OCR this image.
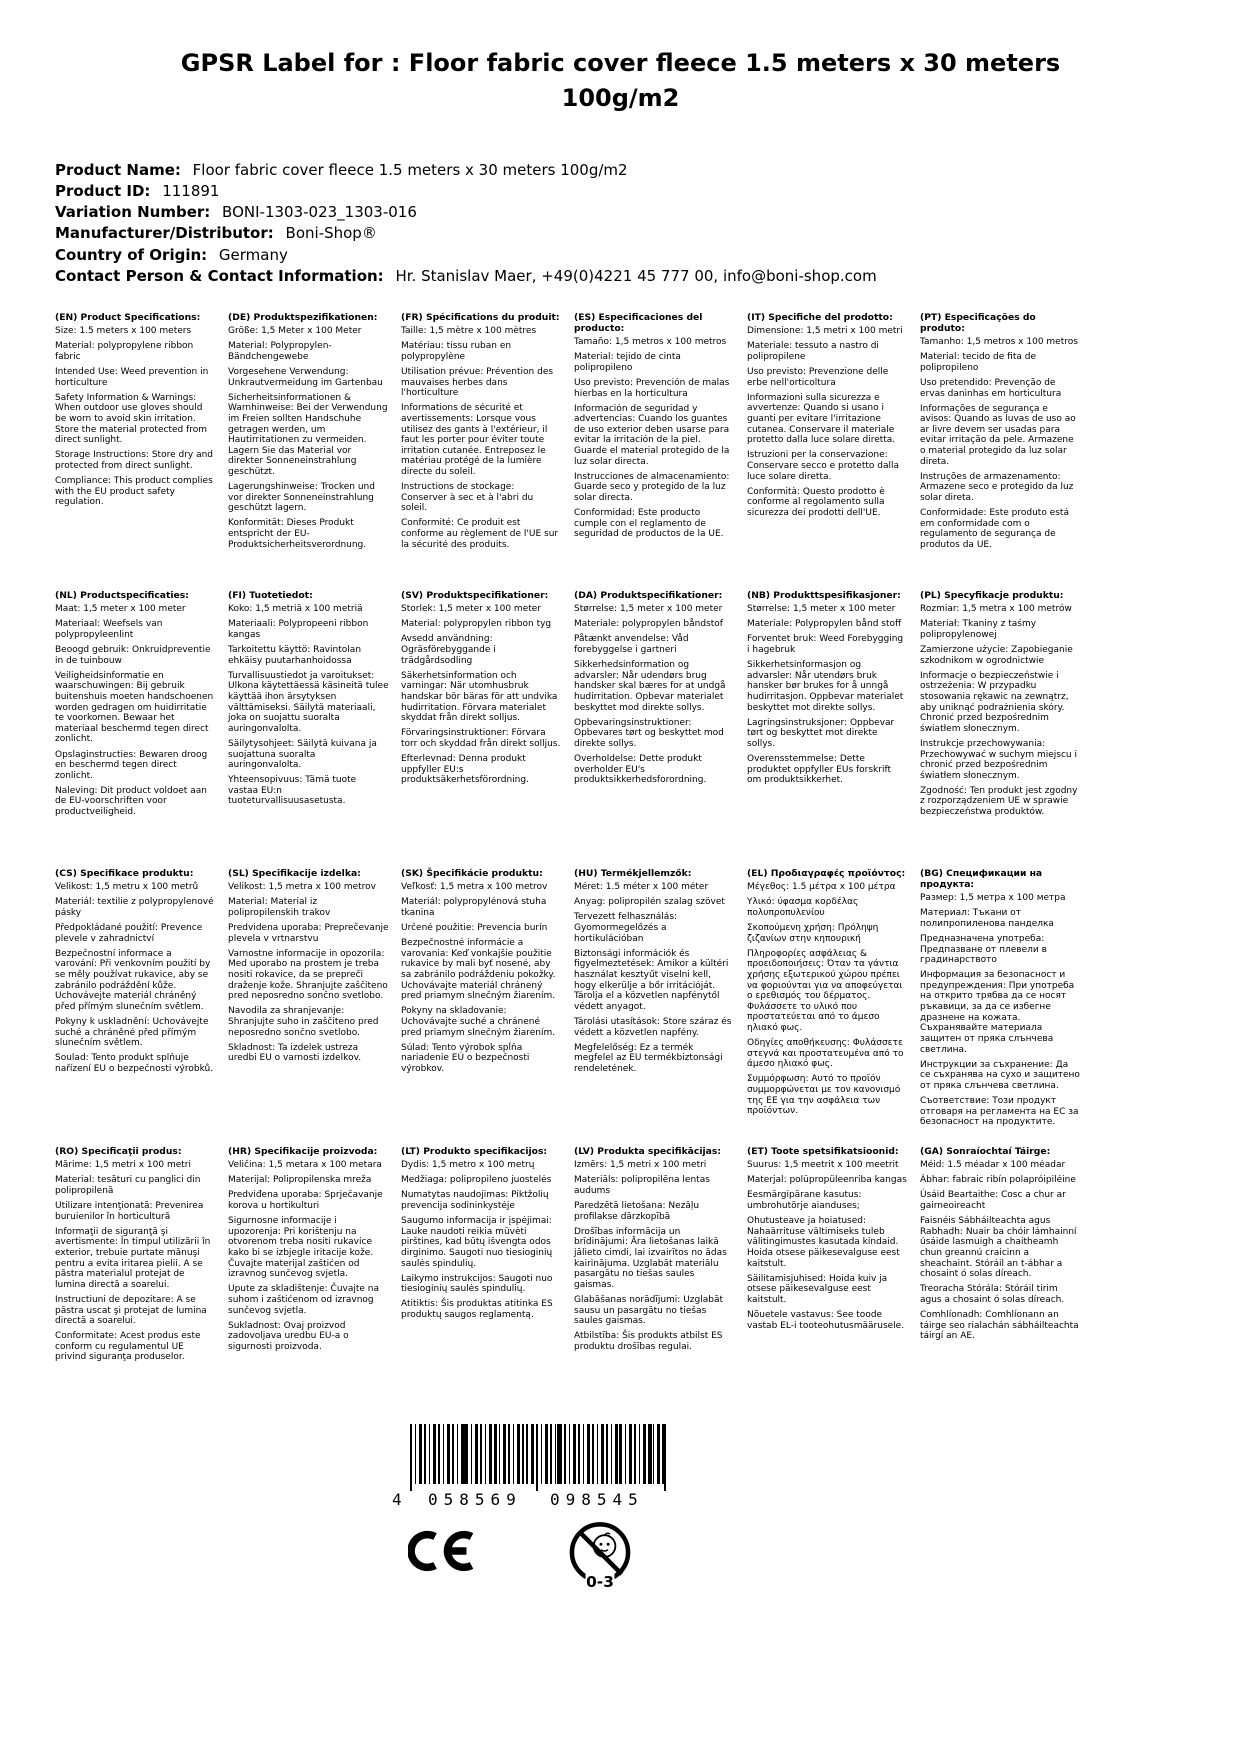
GPSR Label for : Floor fabric cover fleece 1.5 meters x 30 meters 100g/m2
Product Name: Floor fabric cover fleece 1.5 meters x 30 meters 100g/m2
Product ID: 111891
Variation Number: BONI-1303-023_1303-016
Manufacturer/Distributor: Boni-Shop®
Country of Origin: Germany
Contact Person & Contact Information: Hr. Stanislav Maer, +49(0)4221 45 777 00, info@boni-shop.com
(EN) Product Specifications:
Size: 1.5 meters x 100 meters
Material: polypropylene ribbon fabric
Intended Use: Weed prevention in horticulture
Safety Information & Warnings: When outdoor use gloves should be worn to avoid skin irritation. Store the material protected from direct sunlight.
Storage Instructions: Store dry and protected from direct sunlight.
Compliance: This product complies with the EU product safety regulation.
(DE) Produktspezifikationen:
Größe: 1,5 Meter x 100 Meter
Material: Polypropylen-Bändchengewebe
Vorgesehene Verwendung: Unkrautvermeidung im Gartenbau
Sicherheitsinformationen & Warnhinweise: Bei der Verwendung im Freien sollten Handschuhe getragen werden, um Hautirritationen zu vermeiden. Lagern Sie das Material vor direkter Sonneneinstrahlung geschützt.
Lagerungshinweise: Trocken und vor direkter Sonneneinstrahlung geschützt lagern.
Konformität: Dieses Produkt entspricht der EU-Produktsicherheitsverordnung.
(FR) Spécifications du produit:
Taille: 1,5 mètre x 100 mètres
Matériau: tissu ruban en polypropylène
Utilisation prévue: Prévention des mauvaises herbes dans l'horticulture
Informations de sécurité et avertissements: Lorsque vous utilisez des gants à l'extérieur, il faut les porter pour éviter toute irritation cutanée. Entreposez le matériau protégé de la lumière directe du soleil.
Instructions de stockage: Conserver à sec et à l'abri du soleil.
Conformité: Ce produit est conforme au règlement de l'UE sur la sécurité des produits.
(ES) Especificaciones del producto:
Tamaño: 1,5 metros x 100 metros
Material: tejido de cinta polipropileno
Uso previsto: Prevención de malas hierbas en la horticultura
Información de seguridad y advertencias: Cuando los guantes de uso exterior deben usarse para evitar la irritación de la piel. Guarde el material protegido de la luz solar directa.
Instrucciones de almacenamiento: Guarde seco y protegido de la luz solar directa.
Conformidad: Este producto cumple con el reglamento de seguridad de productos de la UE.
(IT) Specifiche del prodotto:
Dimensione: 1,5 metri x 100 metri
Materiale: tessuto a nastro di polipropilene
Uso previsto: Prevenzione delle erbe nell'orticoltura
Informazioni sulla sicurezza e avvertenze: Quando si usano i guanti per evitare l'irritazione cutanea. Conservare il materiale protetto dalla luce solare diretta.
Istruzioni per la conservazione: Conservare secco e protetto dalla luce solare diretta.
Conformità: Questo prodotto è conforme al regolamento sulla sicurezza dei prodotti dell'UE.
(PT) Especificações do produto:
Tamanho: 1,5 metros x 100 metros
Material: tecido de fita de polipropileno
Uso pretendido: Prevenção de ervas daninhas em horticultura
Informações de segurança e avisos: Quando as luvas de uso ao ar livre devem ser usadas para evitar irritação da pele. Armazene o material protegido da luz solar direta.
Instruções de armazenamento: Armazene seco e protegido da luz solar direta.
Conformidade: Este produto está em conformidade com o regulamento de segurança de produtos da UE.
(NL) Productspecificaties:
Maat: 1,5 meter x 100 meter
Materiaal: Weefsels van polypropyleenlint
Beoogd gebruik: Onkruidpreventie in de tuinbouw
Veiligheidsinformatie en waarschuwingen: Bij gebruik buitenshuis moeten handschoenen worden gedragen om huidirritatie te voorkomen. Bewaar het materiaal beschermd tegen direct zonlicht.
Opslaginstructies: Bewaren droog en beschermd tegen direct zonlicht.
Naleving: Dit product voldoet aan de EU-voorschriften voor productveiligheid.
(FI) Tuotetiedot:
Koko: 1,5 metriä x 100 metriä
Materiaali: Polypropeeni ribbon kangas
Tarkoitettu käyttö: Ravintolan ehkäisy puutarhanhoidossa
Turvallisuustiedot ja varoitukset: Ulkona käytettäessä käsineitä tulee käyttää ihon ärsytyksen välttämiseksi. Säilytä materiaali, joka on suojattu suoralta auringonvalolta.
Säilytysohjeet: Säilytä kuivana ja suojattuna suoralta auringonvalolta.
Yhteensopivuus: Tämä tuote vastaa EU:n tuoteturvallisuusasetusta.
(SV) Produktspecifikationer:
Storlek: 1,5 meter x 100 meter
Material: polypropylen ribbon tyg
Avsedd användning: Ogräsförebyggande i trädgårdsodling
Säkerhetsinformation och varningar: När utomhusbruk handskar bör bäras för att undvika hudirritation. Förvara materialet skyddat från direkt solljus.
Förvaringsinstruktioner: Förvara torr och skyddad från direkt solljus.
Efterlevnad: Denna produkt uppfyller EU:s produktsäkerhetsförordning.
(DA) Produktspecifikationer:
Størrelse: 1,5 meter x 100 meter
Materiale: polypropylen båndstof
Påtænkt anvendelse: Våd forebyggelse i gartneri
Sikkerhedsinformation og advarsler: Når udendørs brug handsker skal bæres for at undgå hudirritation. Opbevar materialet beskyttet mod direkte sollys.
Opbevaringsinstruktioner: Opbevares tørt og beskyttet mod direkte sollys.
Overholdelse: Dette produkt overholder EU's produktsikkerhedsforordning.
(NB) Produkttspesifikasjoner:
Størrelse: 1,5 meter x 100 meter
Materiale: Polypropylen bånd stoff
Forventet bruk: Weed Forebygging i hagebruk
Sikkerhetsinformasjon og advarsler: Når utendørs bruk hansker bør brukes for å unngå hudirritasjon. Oppbevar materialet beskyttet mot direkte sollys.
Lagringsinstruksjoner: Oppbevar tørt og beskyttet mot direkte sollys.
Overensstemmelse: Dette produktet oppfyller EUs forskrift om produktsikkerhet.
(PL) Specyfikacje produktu:
Rozmiar: 1,5 metra x 100 metrów
Materiał: Tkaniny z taśmy polipropylenowej
Zamierzone użycie: Zapobieganie szkodnikom w ogrodnictwie
Informacje o bezpieczeństwie i ostrzeżenia: W przypadku stosowania rękawic na zewnątrz, aby uniknąć podrażnienia skóry. Chronić przed bezpośrednim światłem słonecznym.
Instrukcje przechowywania: Przechowywać w suchym miejscu i chronić przed bezpośrednim światłem słonecznym.
Zgodność: Ten produkt jest zgodny z rozporządzeniem UE w sprawie bezpieczeństwa produktów.
(CS) Specifikace produktu:
Velikost: 1,5 metru x 100 metrů
Materiál: textilie z polypropylenové pásky
Předpokládané použití: Prevence plevele v zahradnictví
Bezpečnostní informace a varování: Při venkovním použití by se měly používat rukavice, aby se zabránilo podráždění kůže. Uchovávejte materiál chráněný před přímým slunečním světlem.
Pokyny k uskladnění: Uchovávejte suché a chráněné před přímým slunečním světlem.
Soulad: Tento produkt splňuje nařízení EU o bezpečnosti výrobků.
(SL) Specifikacije izdelka:
Velikost: 1,5 metra x 100 metrov
Material: Material iz polipropilenskih trakov
Predvidena uporaba: Preprečevanje plevela v vrtnarstvu
Varnostne informacije in opozorila: Med uporabo na prostem je treba nositi rokavice, da se prepreči draženje kože. Shranjujte zaščiteno pred neposredno sončno svetlobo.
Navodila za shranjevanje: Shranjujte suho in zaščiteno pred neposredno sončno svetlobo.
Skladnost: Ta izdelek ustreza uredbi EU o varnosti izdelkov.
(SK) Špecifikácie produktu:
Veľkosť: 1,5 metra x 100 metrov
Materiál: polypropylénová stuha tkanina
Určené použitie: Prevencia burín
Bezpečnostné informácie a varovania: Keď vonkajšie použitie rukavice by mali byť nosené, aby sa zabránilo podráždeniu pokožky. Uchovávajte materiál chránený pred priamym slnečným žiarením.
Pokyny na skladovanie: Uchovávajte suché a chránené pred priamym slnečným žiarením.
Súlad: Tento výrobok spĺňa nariadenie EÚ o bezpečnosti výrobkov.
(HU) Termékjellemzők:
Méret: 1.5 méter x 100 méter
Anyag: polipropilén szalag szövet
Tervezett felhasználás: Gyomormegelőzés a hortikulációban
Biztonsági információk és figyelmeztetések: Amikor a kültéri használat kesztyűt viselni kell, hogy elkerülje a bőr irritációját. Tárolja el a közvetlen napfénytől védett anyagot.
Tárolási utasítások: Store száraz és védett a közvetlen napfény.
Megfelelőség: Ez a termék megfelel az EU termékbiztonsági rendeletének.
(EL) Προδιαγραφές προϊόντος:
Μέγεθος: 1.5 μέτρα x 100 μέτρα
Υλικό: ύφασμα κορδέλας πολυπροπυλενίου
Σκοπούμενη χρήση: Πρόληψη ζιζανίων στην κηπουρική
Πληροφορίες ασφάλειας & προειδοποιήσεις: Όταν τα γάντια χρήσης εξωτερικού χώρου πρέπει να φοριούνται για να αποφεύγεται ο ερεθισμός του δέρματος. Φυλάσσετε το υλικό που προστατεύεται από το άμεσο ηλιακό φως.
Οδηγίες αποθήκευσης: Φυλάσσετε στεγνά και προστατευμένα από το άμεσο ηλιακό φως.
Συμμόρφωση: Αυτό το προϊόν συμμορφώνεται με τον κανονισμό της ΕΕ για την ασφάλεια των προϊόντων.
(BG) Спецификации на продукта:
Размер: 1,5 метра x 100 метра
Материал: Тъкани от полипропиленова панделка
Предназначена употреба: Предпазване от плевели в градинарството
Информация за безопасност и предупреждения: При употреба на открито трябва да се носят ръкавици, за да се избегне дразнене на кожата. Съхранявайте материала защитен от пряка слънчева светлина.
Инструкции за съхранение: Да се съхранява на сухо и защитено от пряка слънчева светлина.
Съответствие: Този продукт отговаря на регламента на ЕС за безопасност на продуктите.
(RO) Specificaţii produs:
Mărime: 1,5 metri x 100 metri
Material: tesături cu panglici din polipropilenă
Utilizare intenţionată: Prevenirea buruienilor în horticultură
Informaţii de siguranţă şi avertismente: În timpul utilizării în exterior, trebuie purtate mănuşi pentru a evita iritarea pielii. A se păstra materialul protejat de lumina directă a soarelui.
Instructiuni de depozitare: A se păstra uscat şi protejat de lumina directă a soarelui.
Conformitate: Acest produs este conform cu regulamentul UE privind siguranţa produselor.
(HR) Specifikacije proizvoda:
Veličina: 1,5 metara x 100 metara
Materijal: Polipropilenska mreža
Predviđena uporaba: Sprječavanje korova u hortikulturi
Sigurnosne informacije i upozorenja: Pri korištenju na otvorenom treba nositi rukavice kako bi se izbjegle iritacije kože. Čuvajte materijal zaštićen od izravnog sunčevog svjetla.
Upute za skladištenje: Čuvajte na suhom i zaštićenom od izravnog sunčevog svjetla.
Sukladnost: Ovaj proizvod zadovoljava uredbu EU-a o sigurnosti proizvoda.
(LT) Produkto specifikacijos:
Dydis: 1,5 metro x 100 metrų
Medžiaga: polipropileno juostelės
Numatytas naudojimas: Piktžolių prevencija sodininkystėje
Saugumo informacija ir įspėjimai: Lauke naudoti reikia mūvėti pirštines, kad būtų išvengta odos dirginimo. Saugoti nuo tiesioginių saulės spindulių.
Laikymo instrukcijos: Saugoti nuo tiesioginių saulės spindulių.
Atitiktis: Šis produktas atitinka ES produktų saugos reglamentą.
(LV) Produkta specifikācijas:
Izmērs: 1,5 metri x 100 metri
Materiāls: polipropilēna lentas audums
Paredzētā lietošana: Nezāļu profilakse dārzkopībā
Drošības informācija un brīdinājumi: Āra lietošanas laikā jālieto cimdi, lai izvairītos no ādas kairinājuma. Uzglabāt materiālu pasargātu no tiešas saules gaismas.
Glabāšanas norādījumi: Uzglabāt sausu un pasargātu no tiešas saules gaismas.
Atbilstība: Šis produkts atbilst ES produktu drošības regulai.
(ET) Toote spetsifikatsioonid:
Suurus: 1,5 meetrit x 100 meetrit
Materjal: polüpropüleenriba kangas
Eesmärgipärane kasutus: umbrohutõrje aianduses;
Ohutusteave ja hoiatused: Nahaärrituse vältimiseks tuleb välitingimustes kasutada kindaid. Hoida otsese päikesevalguse eest kaitstult.
Säilitamisjuhised: Hoida kuiv ja otsese päikesevalguse eest kaitstult.
Nõuetele vastavus: See toode vastab EL-i tooteohutusmäärusele.
(GA) Sonraíochtaí Táirge:
Méid: 1.5 méadar x 100 méadar
Ábhar: fabraic ribín polapróipiléine
Úsáid Beartaithe: Cosc a chur ar gairneoireacht
Faisnéis Sábháilteachta agus Rabhadh: Nuair ba chóir lámhainní úsáide lasmuigh a chaitheamh chun greannú craicinn a sheachaint. Stóráil an t-ábhar a chosaint ó solas díreach.
Treoracha Stórála: Stóráil tirim agus a chosaint ó solas díreach.
Comhlíonadh: Comhlíonann an táirge seo rialachán sábháilteachta táirgí an AE.
4 058569 098545
0-3
